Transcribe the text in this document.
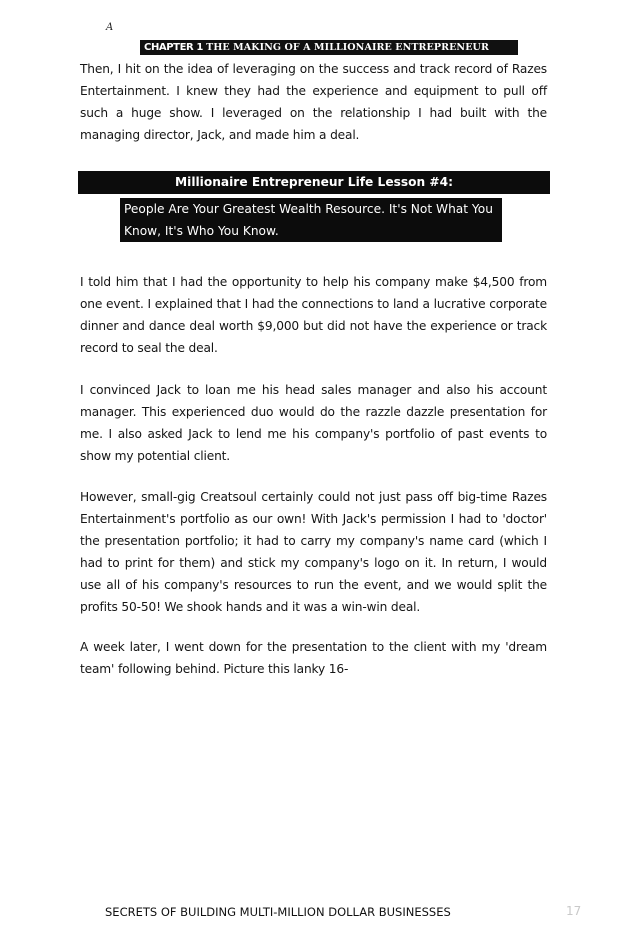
A
CHAPTER 1 THE MAKING OF A MILLIONAIRE ENTREPRENEUR

Then, I hit on the idea of leveraging on the success and track record of Razes Entertainment. I knew they had the experience and equipment to pull off such a huge show. I leveraged on the relationship I had built with the managing director, Jack, and made him a deal.

Millionaire Entrepreneur Life Lesson #4:
People Are Your Greatest Wealth Resource. It's Not What You Know, It's Who You Know.

I told him that I had the opportunity to help his company make $4,500 from one event. I explained that I had the connections to land a lucrative corporate dinner and dance deal worth $9,000 but did not have the experience or track record to seal the deal.

I convinced Jack to loan me his head sales manager and also his account manager. This experienced duo would do the razzle dazzle presentation for me. I also asked Jack to lend me his company's portfolio of past events to show my potential client.

However, small-gig Creatsoul certainly could not just pass off big-time Razes Entertainment's portfolio as our own! With Jack's permission I had to 'doctor' the presentation portfolio; it had to carry my company's name card (which I had to print for them) and stick my company's logo on it. In return, I would use all of his company's resources to run the event, and we would split the profits 50-50! We shook hands and it was a win-win deal.

A week later, I went down for the presentation to the client with my 'dream team' following behind. Picture this lanky 16-

SECRETS OF BUILDING MULTI-MILLION DOLLAR BUSINESSES	17
